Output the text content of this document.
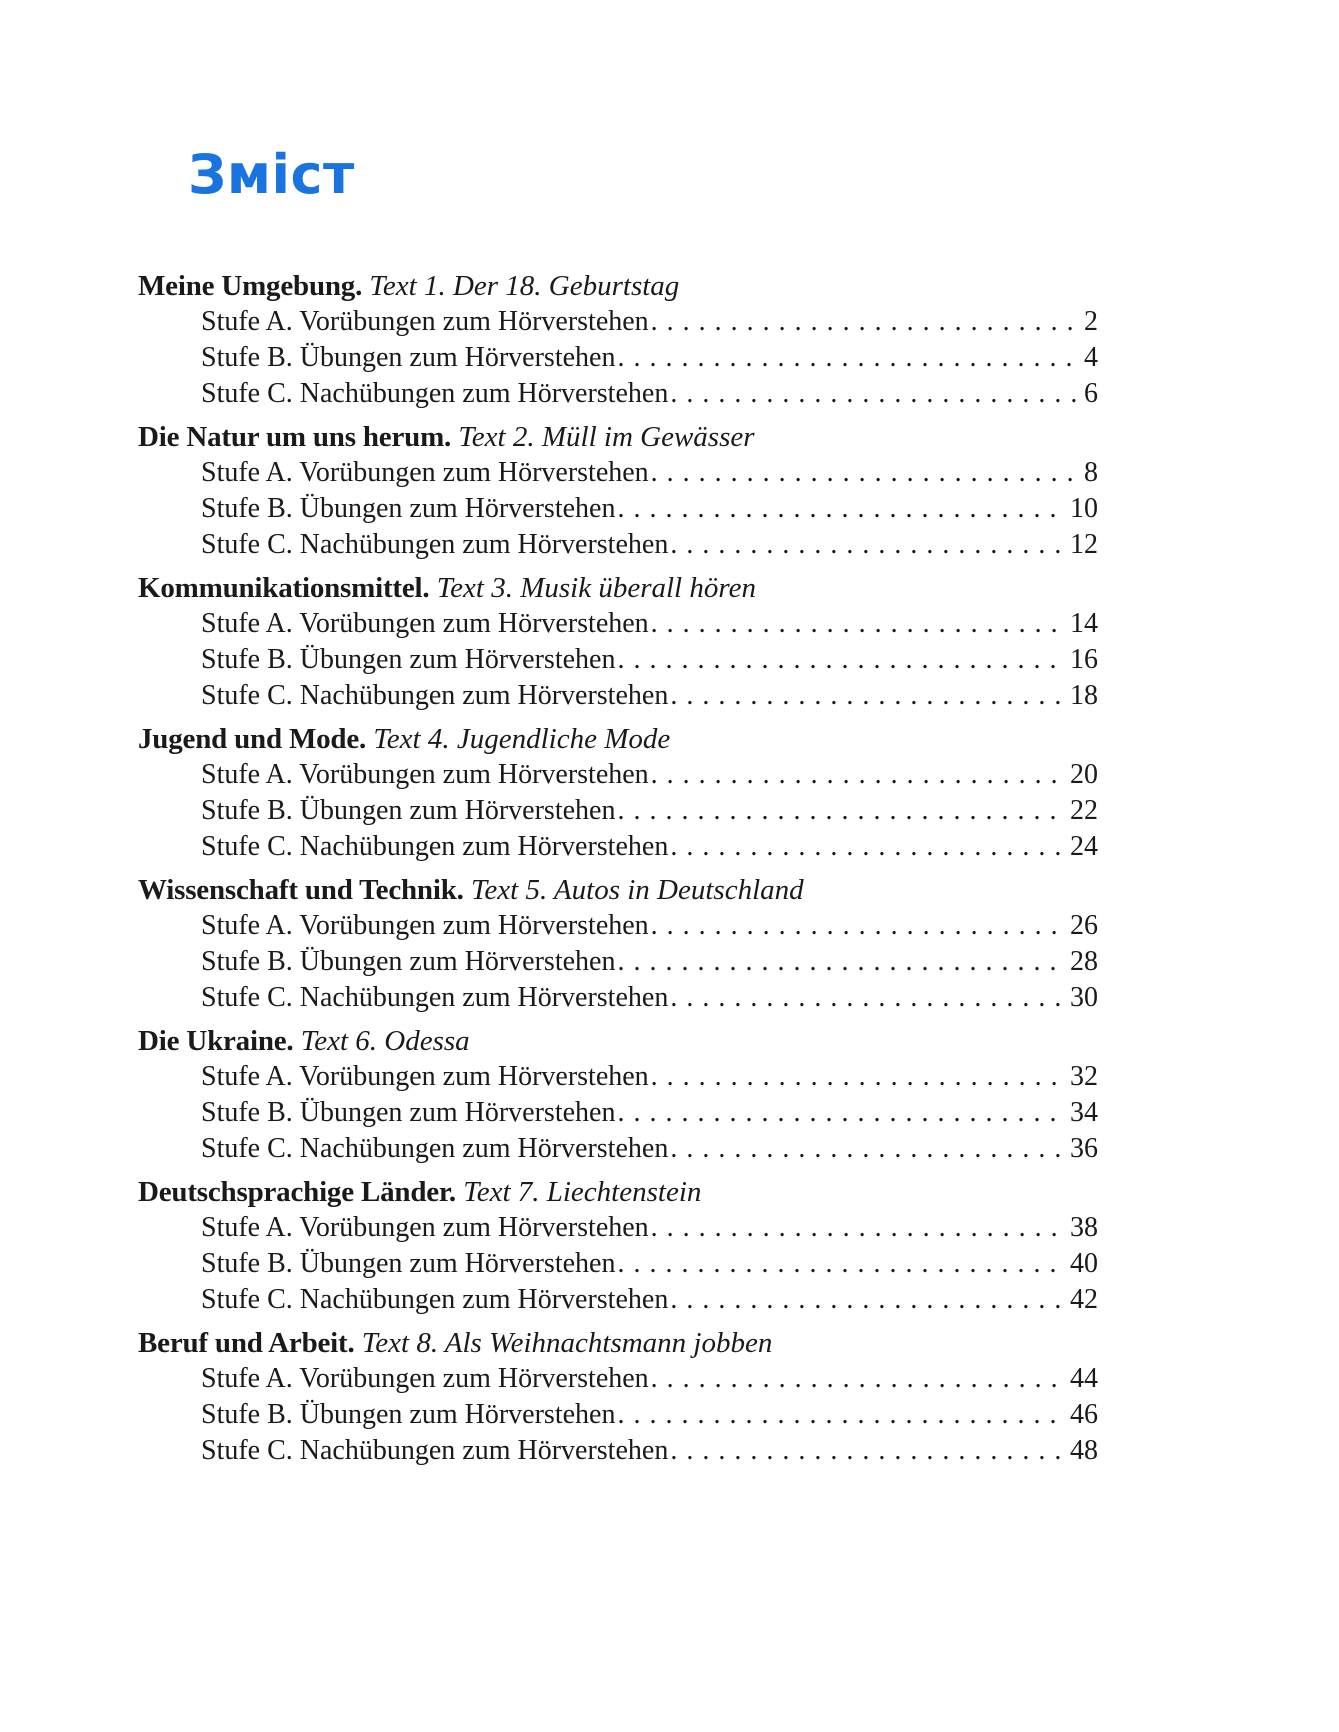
Зміст
Meine Umgebung. Text 1. Der 18. Geburtstag
Stufe A. Vorübungen zum Hörverstehen . . .	2
Stufe B. Übungen zum Hörverstehen . . .	4
Stufe C. Nachübungen zum Hörverstehen . . .	6
Die Natur um uns herum. Text 2. Müll im Gewässer
Stufe A. Vorübungen zum Hörverstehen . . .	8
Stufe B. Übungen zum Hörverstehen . . .	10
Stufe C. Nachübungen zum Hörverstehen . . .	12
Kommunikationsmittel. Text 3. Musik überall hören
Stufe A. Vorübungen zum Hörverstehen . . .	14
Stufe B. Übungen zum Hörverstehen . . .	16
Stufe C. Nachübungen zum Hörverstehen . . .	18
Jugend und Mode. Text 4. Jugendliche Mode
Stufe A. Vorübungen zum Hörverstehen . . .	20
Stufe B. Übungen zum Hörverstehen . . .	22
Stufe C. Nachübungen zum Hörverstehen . . .	24
Wissenschaft und Technik. Text 5. Autos in Deutschland
Stufe A. Vorübungen zum Hörverstehen . . .	26
Stufe B. Übungen zum Hörverstehen . . .	28
Stufe C. Nachübungen zum Hörverstehen . . .	30
Die Ukraine. Text 6. Odessa
Stufe A. Vorübungen zum Hörverstehen . . .	32
Stufe B. Übungen zum Hörverstehen . . .	34
Stufe C. Nachübungen zum Hörverstehen . . .	36
Deutschsprachige Länder. Text 7. Liechtenstein
Stufe A. Vorübungen zum Hörverstehen . . .	38
Stufe B. Übungen zum Hörverstehen . . .	40
Stufe C. Nachübungen zum Hörverstehen . . .	42
Beruf und Arbeit. Text 8. Als Weihnachtsmann jobben
Stufe A. Vorübungen zum Hörverstehen . . .	44
Stufe B. Übungen zum Hörverstehen . . .	46
Stufe C. Nachübungen zum Hörverstehen . . .	48
